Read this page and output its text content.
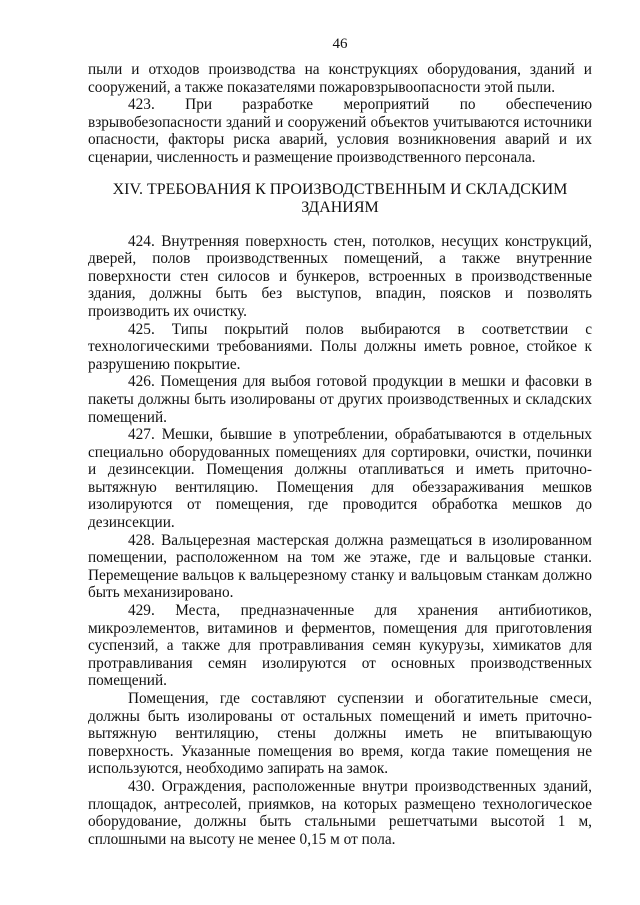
46

пыли и отходов производства на конструкциях оборудования, зданий и сооружений, а также показателями пожаровзрывоопасности этой пыли.

423. При разработке мероприятий по обеспечению взрывобезопасности зданий и сооружений объектов учитываются источники опасности, факторы риска аварий, условия возникновения аварий и их сценарии, численность и размещение производственного персонала.

XIV. ТРЕБОВАНИЯ К ПРОИЗВОДСТВЕННЫМ И СКЛАДСКИМ ЗДАНИЯМ

424. Внутренняя поверхность стен, потолков, несущих конструкций, дверей, полов производственных помещений, а также внутренние поверхности стен силосов и бункеров, встроенных в производственные здания, должны быть без выступов, впадин, поясков и позволять производить их очистку.

425. Типы покрытий полов выбираются в соответствии с технологическими требованиями. Полы должны иметь ровное, стойкое к разрушению покрытие.

426. Помещения для выбоя готовой продукции в мешки и фасовки в пакеты должны быть изолированы от других производственных и складских помещений.

427. Мешки, бывшие в употреблении, обрабатываются в отдельных специально оборудованных помещениях для сортировки, очистки, починки и дезинсекции. Помещения должны отапливаться и иметь приточно-вытяжную вентиляцию. Помещения для обеззараживания мешков изолируются от помещения, где проводится обработка мешков до дезинсекции.

428. Вальцерезная мастерская должна размещаться в изолированном помещении, расположенном на том же этаже, где и вальцовые станки. Перемещение вальцов к вальцерезному станку и вальцовым станкам должно быть механизировано.

429. Места, предназначенные для хранения антибиотиков, микроэлементов, витаминов и ферментов, помещения для приготовления суспензий, а также для протравливания семян кукурузы, химикатов для протравливания семян изолируются от основных производственных помещений.

Помещения, где составляют суспензии и обогатительные смеси, должны быть изолированы от остальных помещений и иметь приточно-вытяжную вентиляцию, стены должны иметь не впитывающую поверхность. Указанные помещения во время, когда такие помещения не используются, необходимо запирать на замок.

430. Ограждения, расположенные внутри производственных зданий, площадок, антресолей, приямков, на которых размещено технологическое оборудование, должны быть стальными решетчатыми высотой 1 м, сплошными на высоту не менее 0,15 м от пола.
